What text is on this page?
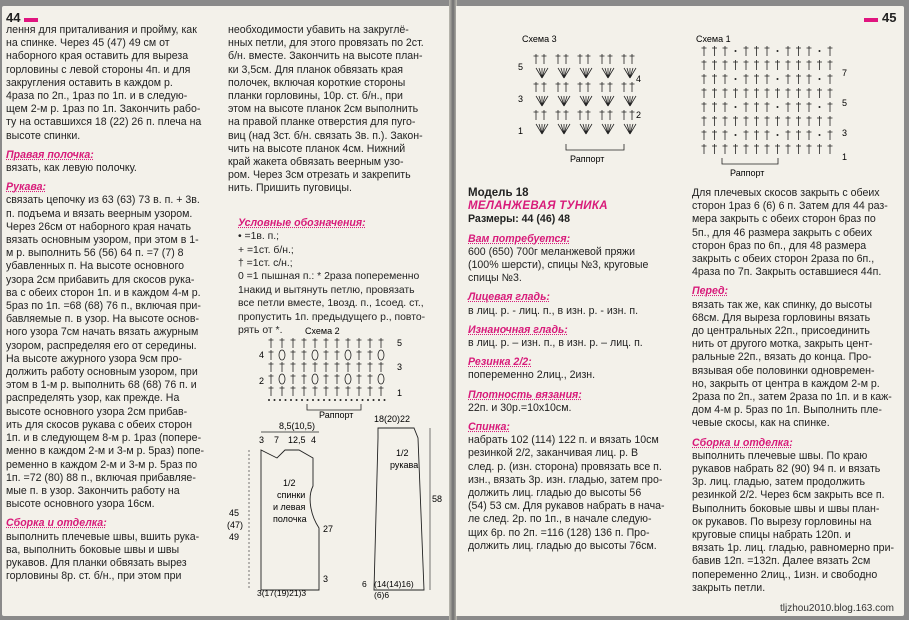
44
лення для приталивания и пройму, как
на спинке. Через 45 (47) 49 см от
наборного края оставить для выреза
горловины с левой стороны 4п. и для
закругления оставить в каждом р.
4раза по 2п., 1раз по 1п. и в следую-
щем 2-м р. 1раз по 1п. Закончить рабо-
ту на оставшихся 18 (22) 26 п. плеча на
высоте спинки.

Правая полочка:

вязать, как левую полочку.

Рукава:

связать цепочку из 63 (63) 73 в. п. + 3в.
п. подъема и вязать веерным узором.
Через 26см от наборного края начать
вязать основным узором, при этом в 1-
м р. выполнить 56 (56) 64 п. =7 (7) 8
убавленных п. На высоте основного
узора 2см прибавить для скосов рука-
ва с обеих сторон 1п. и в каждом 4-м р.
5раз по 1п. =68 (68) 76 п., включая при-
бавляемые п. в узор. На высоте основ-
ного узора 7см начать вязать ажурным
узором, распределяя его от середины.
На высоте ажурного узора 9см про-
должить работу основным узором, при
этом в 1-м р. выполнить 68 (68) 76 п. и
распределять узор, как прежде. На
высоте основного узора 2см прибав-
ить для скосов рукава с обеих сторон
1п. и в следующем 8-м р. 1раз (попере-
менно в каждом 2-м и 3-м р. 5раз) попе-
ременно в каждом 2-м и 3-м р. 5раз по
1п. =72 (80) 88 п., включая прибавляе-
мые п. в узор. Закончить работу на
высоте основного узора 16см.

Сборка и отделка:

выполнить плечевые швы, вшить рука-
ва, выполнить боковые швы и швы
рукавов. Для планки обвязать вырез
горловины 8р. ст. б/н., при этом при
необходимости убавить на закруглё-
нных петли, для этого провязать по 2ст.
б/н. вместе. Закончить на высоте план-
ки 3,5см. Для планок обвязать края
полочек, включая короткие стороны
планки горловины, 10р. ст. б/н., при
этом на высоте планок 2см выполнить
на правой планке отверстия для пуго-
виц (над 3ст. б/н. связать 3в. п.). Закон-
чить на высоте планок 4см. Нижний
край жакета обвязать веерным узо-
ром. Через 3см отрезать и закрепить
нить. Пришить пуговицы.

Условные обозначения:

• =1в. п.;
+ =1ст. б/н.;
† =1ст. с/н.;
0 =1 пышная п.: * 2раза попеременно
1накид и вытянуть петлю, провязать
все петли вместе, 1возд. п., 1соед. ст.,
пропустить 1п. предыдущего р., повто-
рять от *.	Схема 2
5
4
3
2
1
Раппорт
8,5(10,5)
3 7 12,5 4
1/2
спинки
и левая
полочка
27
3
45
(47)
49
3(17(19)21)3
18(20)22
1/2
рукава
58
(14(14)16)
6
(6)6
45
Схема 3
5
3
1
4
2
Раппорт
Схема 1
7
5
3
1
Раппорт

Модель 18

МЕЛАНЖЕВАЯ ТУНИКА

Размеры: 44 (46) 48

Вам потребуется:

600 (650) 700г меланжевой пряжи
(100% шерсти), спицы №3, круговые
спицы №3.

Лицевая гладь:

в лиц. р. - лиц. п., в изн. р. - изн. п.

Изнаночная гладь:

в лиц. р. – изн. п., в изн. р. – лиц. п.

Резинка 2/2:

попеременно 2лиц., 2изн.

Плотность вязания:

22п. и 30р.=10х10см.

Спинка:

набрать 102 (114) 122 п. и вязать 10см
резинкой 2/2, заканчивая лиц. р. В
след. р. (изн. сторона) провязать все п.
изн., вязать 3р. изн. гладью, затем про-
должить лиц. гладью до высоты 56
(54) 53 см. Для рукавов набрать в нача-
ле след. 2р. по 1п., в начале следую-
щих 6р. по 2п. =116 (128) 136 п. Про-
должить лиц. гладью до высоты 76см.
Для плечевых скосов закрыть с обеих
сторон 1раз 6 (6) 6 п. Затем для 44 раз-
мера закрыть с обеих сторон 6раз по
5п., для 46 размера закрыть с обеих
сторон 6раз по 6п., для 48 размера
закрыть с обеих сторон 2раза по 6п.,
4раза по 7п. Закрыть оставшиеся 44п.

Перед:

вязать так же, как спинку, до высоты
68см. Для выреза горловины вязать
до центральных 22п., присоединить
нить от другого мотка, закрыть цент-
ральные 22п., вязать до конца. Про-
вязывая обе половинки одновремен-
но, закрыть от центра в каждом 2-м р.
2раза по 2п., затем 2раза по 1п. и в каж-
дом 4-м р. 5раз по 1п. Выполнить пле-
чевые скосы, как на спинке.

Сборка и отделка:

выполнить плечевые швы. По краю
рукавов набрать 82 (90) 94 п. и вязать
3р. лиц. гладью, затем продолжить
резинкой 2/2. Через 6см закрыть все п.
Выполнить боковые швы и швы план-
ок рукавов. По вырезу горловины на
круговые спицы набрать 120п. и
вязать 1р. лиц. гладью, равномерно при-
бавив 12п. =132п. Далее вязать 2см
попеременно 2лиц., 1изн. и свободно
закрыть петли.
tljzhou2010.blog.163.com
